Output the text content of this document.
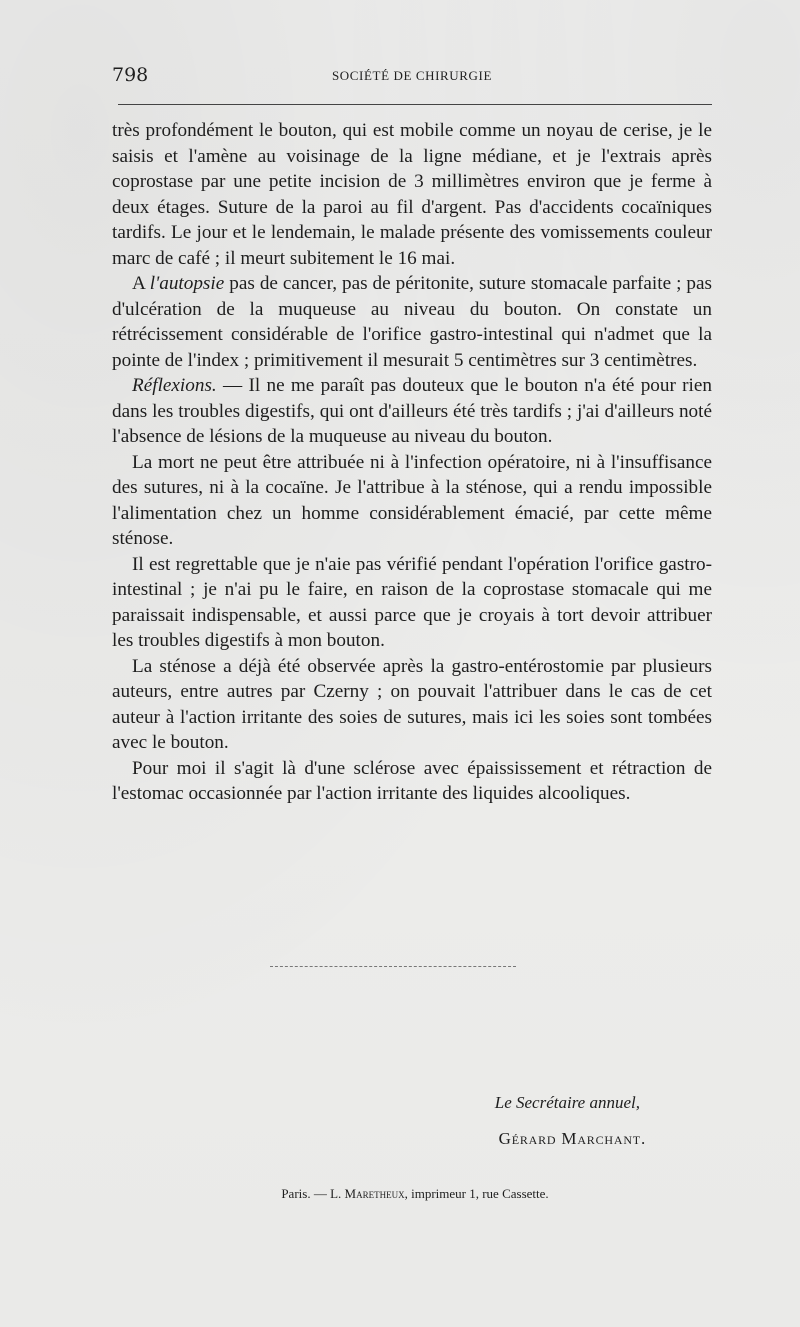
798	SOCIÉTÉ DE CHIRURGIE

très profondément le bouton, qui est mobile comme un noyau de cerise, je le saisis et l'amène au voisinage de la ligne médiane, et je l'extrais après coprostase par une petite incision de 3 millimètres environ que je ferme à deux étages. Suture de la paroi au fil d'argent. Pas d'accidents cocaïniques tardifs. Le jour et le lendemain, le malade présente des vomissements couleur marc de café ; il meurt subitement le 16 mai.

A l'autopsie pas de cancer, pas de péritonite, suture stomacale parfaite ; pas d'ulcération de la muqueuse au niveau du bouton. On constate un rétrécissement considérable de l'orifice gastro-intestinal qui n'admet que la pointe de l'index ; primitivement il mesurait 5 centimètres sur 3 centimètres.

Réflexions. — Il ne me paraît pas douteux que le bouton n'a été pour rien dans les troubles digestifs, qui ont d'ailleurs été très tardifs ; j'ai d'ailleurs noté l'absence de lésions de la muqueuse au niveau du bouton.

La mort ne peut être attribuée ni à l'infection opératoire, ni à l'insuffisance des sutures, ni à la cocaïne. Je l'attribue à la sténose, qui a rendu impossible l'alimentation chez un homme considérablement émacié, par cette même sténose.

Il est regrettable que je n'aie pas vérifié pendant l'opération l'orifice gastro-intestinal ; je n'ai pu le faire, en raison de la coprostase stomacale qui me paraissait indispensable, et aussi parce que je croyais à tort devoir attribuer les troubles digestifs à mon bouton.

La sténose a déjà été observée après la gastro-entérostomie par plusieurs auteurs, entre autres par Czerny ; on pouvait l'attribuer dans le cas de cet auteur à l'action irritante des soies de sutures, mais ici les soies sont tombées avec le bouton.

Pour moi il s'agit là d'une sclérose avec épaississement et rétraction de l'estomac occasionnée par l'action irritante des liquides alcooliques.

Le Secrétaire annuel,
Gérard Marchant.
Paris. — L. Maretheux, imprimeur 1, rue Cassette.
